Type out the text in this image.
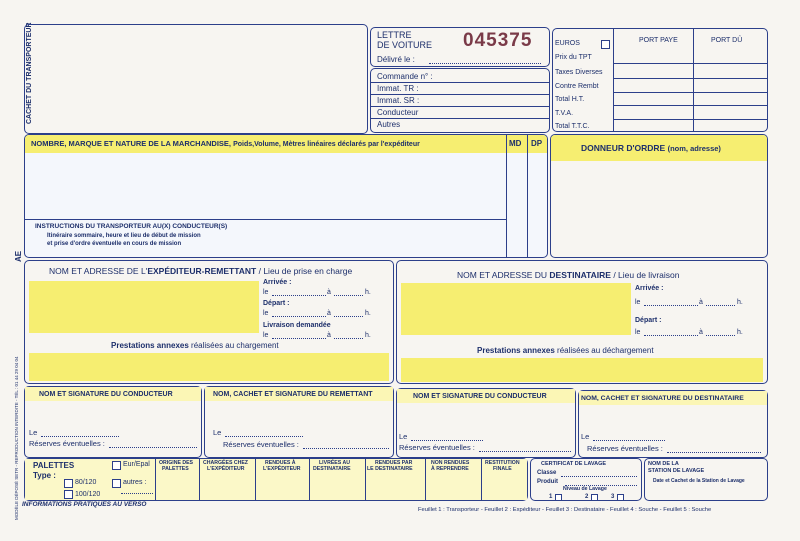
CACHET DU TRANSPORTEUR
AE
MODÈLE DÉPOSÉ SETR - REPRODUCTION INTERDITE - TÉL : 01 44 29 04 04
LETTRE
DE VOITURE 045375
Délivré le :
Commande n° :
Immat. TR :
Immat. SR :
Conducteur
Autres
EUROS	PORT PAYE	PORT DÛ
Prix du TPT
Taxes Diverses
Contre Rembt
Total H.T.
T.V.A.
Total T.T.C.
NOMBRE, MARQUE ET NATURE DE LA MARCHANDISE, Poids,Volume, Mètres linéaires déclarés par l'expéditeur	MD DP
INSTRUCTIONS DU TRANSPORTEUR AU(X) CONDUCTEUR(S)
Itinéraire sommaire, heure et lieu de début de mission
et prise d'ordre éventuelle en cours de mission
DONNEUR D'ORDRE (nom, adresse)
NOM ET ADRESSE DE L'EXPÉDITEUR-REMETTANT / Lieu de prise en charge
Arrivée :
le	à	h.
Départ :
le	à	h.
Livraison demandée
le	à	h.
Prestations annexes réalisées au chargement
NOM ET ADRESSE DU DESTINATAIRE / Lieu de livraison
Arrivée :
le	à	h.
Départ :
le	à	h.
Prestations annexes réalisées au déchargement
NOM ET SIGNATURE DU CONDUCTEUR
Le
Réserves éventuelles :
NOM, CACHET ET SIGNATURE DU REMETTANT
Le
Réserves éventuelles :
NOM ET SIGNATURE DU CONDUCTEUR
Le
Réserves éventuelles :
NOM, CACHET ET SIGNATURE DU DESTINATAIRE
Le
Réserves éventuelles :
PALETTES
Type :
80/120
100/120
Eur/Epal
autres :
ORIGINE DES
PALETTES
CHARGÉES CHEZ
L'EXPÉDITEUR
RENDUES À
L'EXPÉDITEUR
LIVRÉES AU
DESTINATAIRE
RENDUES PAR
LE DESTINATAIRE
NON RENDUES
À REPRENDRE
RESTITUTION
FINALE
CERTIFICAT DE LAVAGE
Classe
Produit
Niveau de Lavage
1	2	3
NOM DE LA
STATION DE LAVAGE
Date et Cachet de la Station de Lavage
INFORMATIONS PRATIQUES AU VERSO
Feuillet 1 : Transporteur - Feuillet 2 : Expéditeur - Feuillet 3 : Destinataire - Feuillet 4 : Souche - Feuillet 5 : Souche
